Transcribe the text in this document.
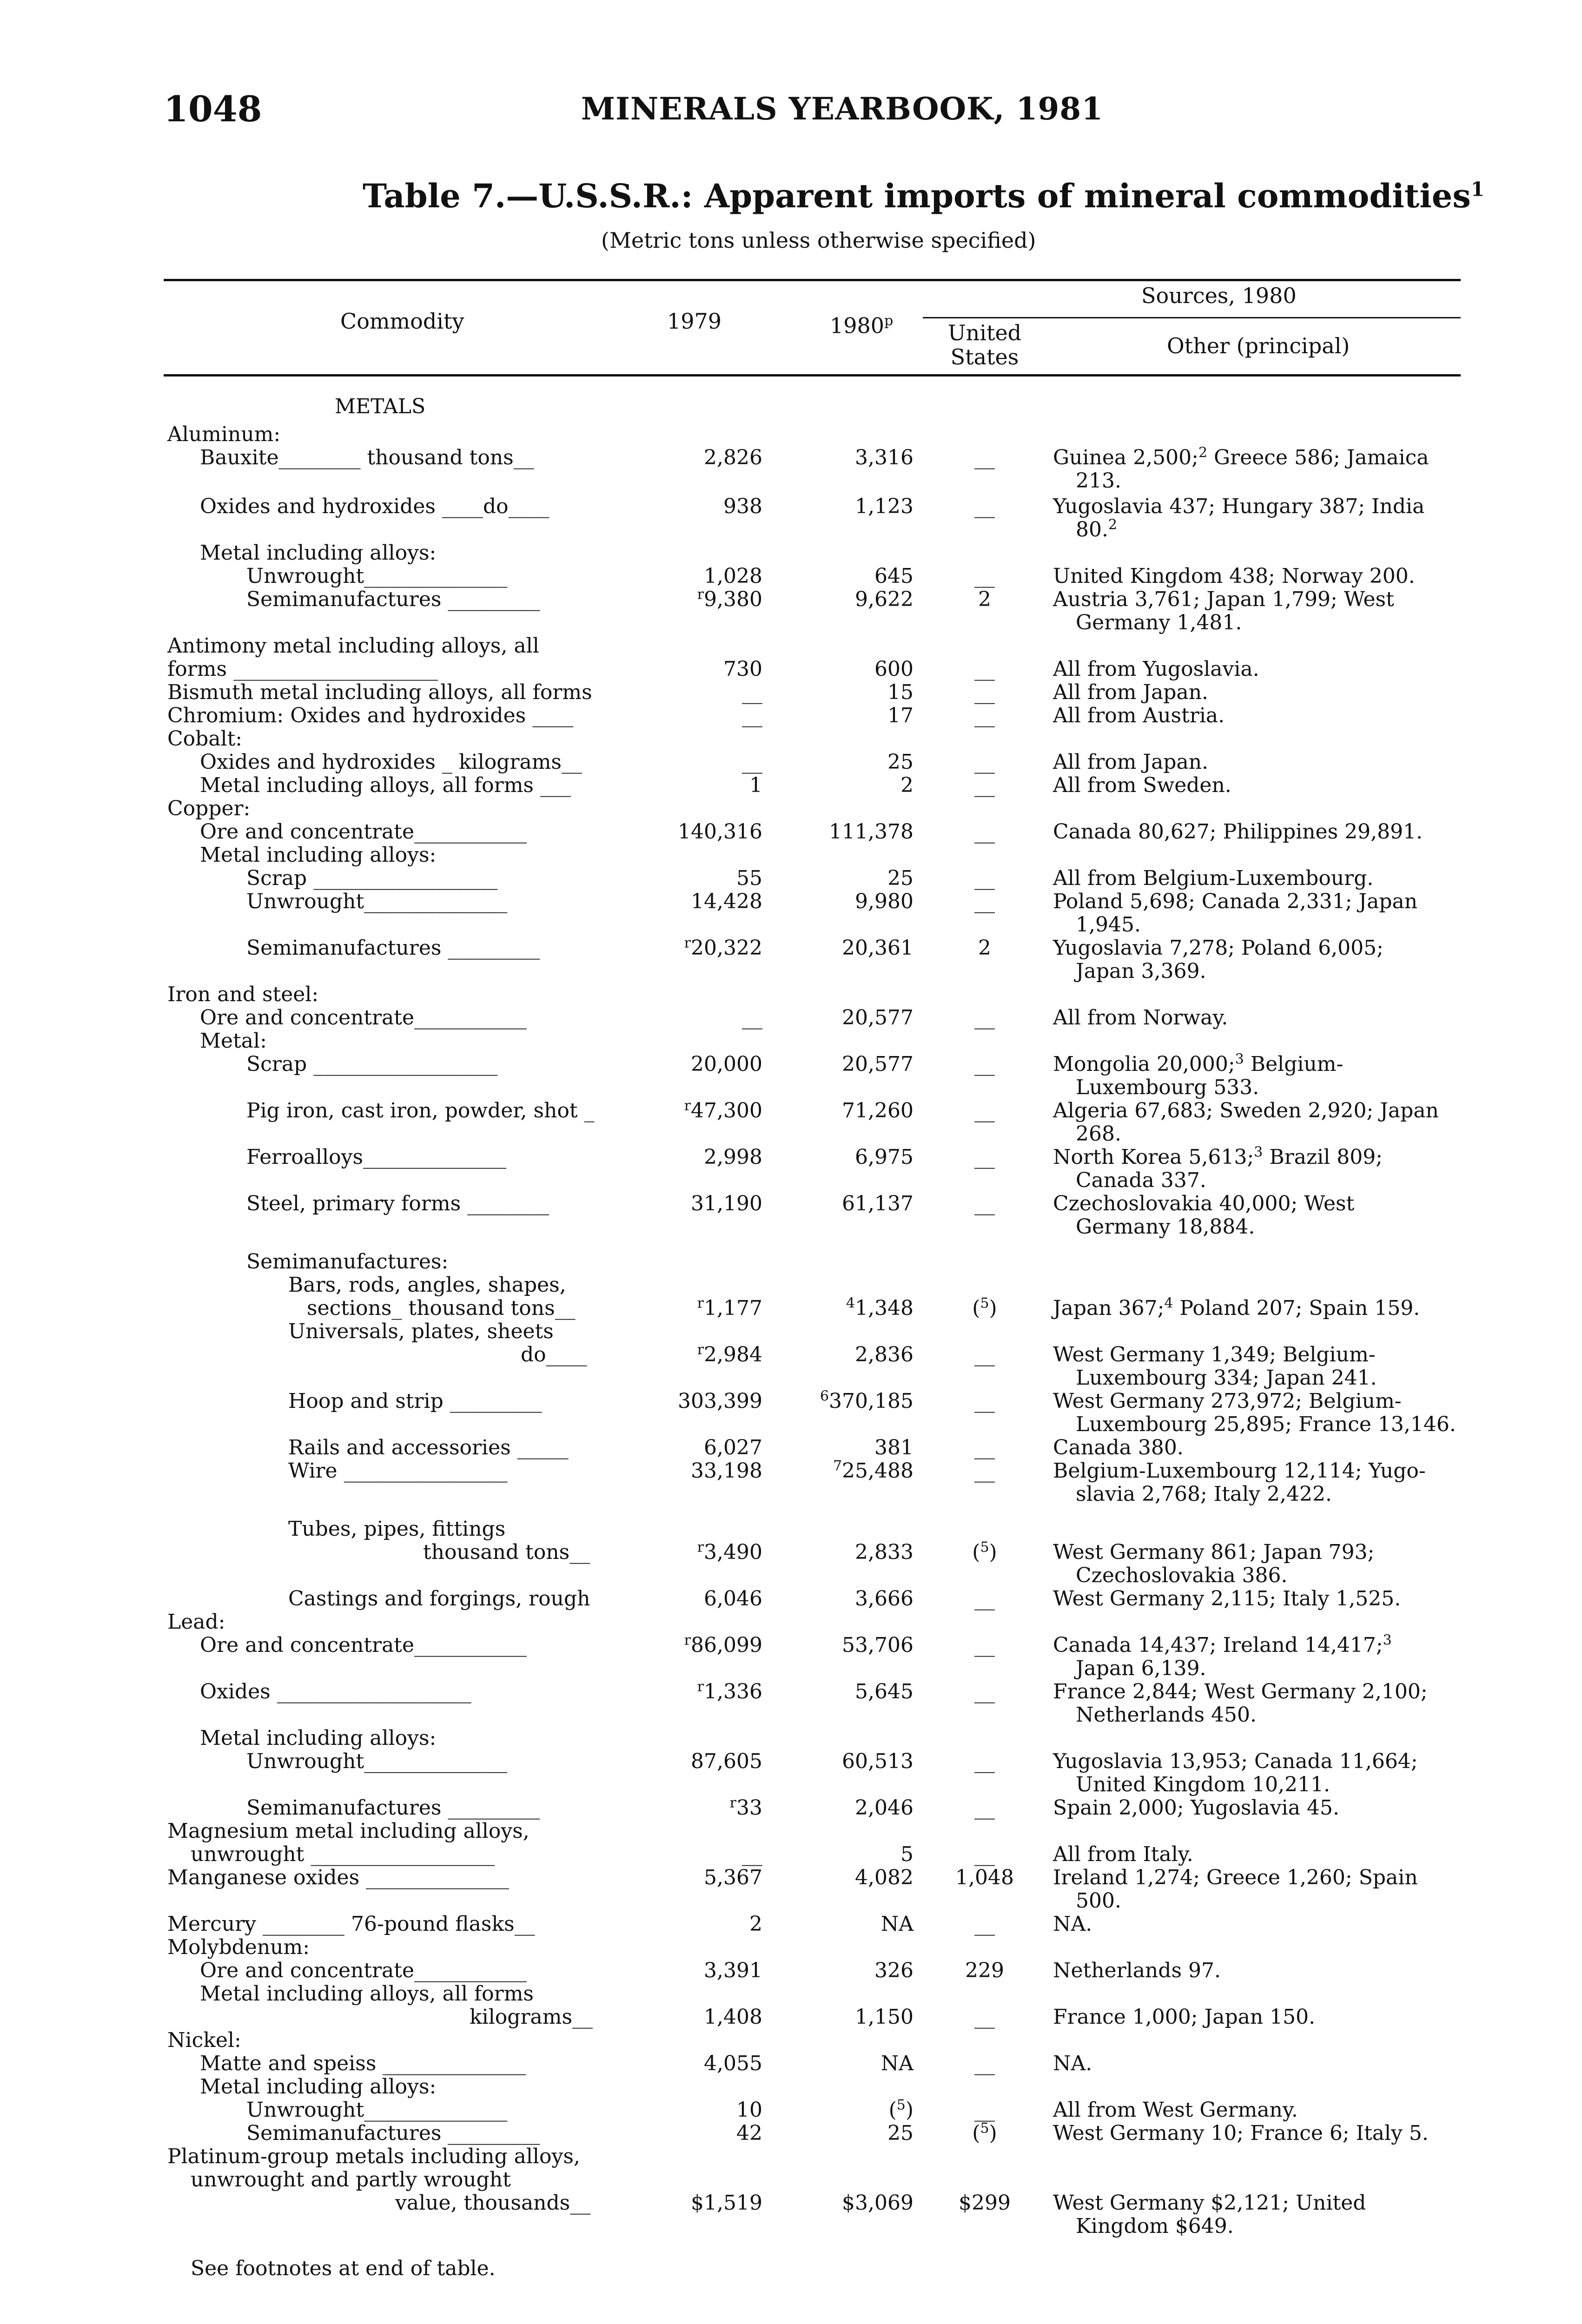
1048	MINERALS YEARBOOK, 1981
Table 7.—U.S.S.R.: Apparent imports of mineral commodities$^1$
(Metric tons unless otherwise specified)
Commodity	1979	1980$^p$
Sources, 1980
United States	Other (principal)
METALS
Aluminum:
Bauxite________ thousand tons__	2,826	3,316	__	Guinea 2,500;$^2$ Greece 586; Jamaica
213.
Oxides and hydroxides ____do____	938	1,123	__	Yugoslavia 437; Hungary 387; India
80.$^2$
Metal including alloys:
Unwrought______________	1,028	645	__	United Kingdom 438; Norway 200.
Semimanufactures _________	$^r$9,380	9,622	2	Austria 3,761; Japan 1,799; West
Germany 1,481.
Antimony metal including alloys, all
forms ____________________	730	600	__	All from Yugoslavia.
Bismuth metal including alloys, all forms	__	15	__	All from Japan.
Chromium: Oxides and hydroxides ____	__	17	__	All from Austria.
Cobalt:
Oxides and hydroxides _ kilograms__	__	25	__	All from Japan.
Metal including alloys, all forms ___	1	2	__	All from Sweden.
Copper:
Ore and concentrate___________	140,316	111,378	__	Canada 80,627; Philippines 29,891.
Metal including alloys:
Scrap __________________	55	25	__	All from Belgium-Luxembourg.
Unwrought______________	14,428	9,980	__	Poland 5,698; Canada 2,331; Japan
1,945.
Semimanufactures _________	$^r$20,322	20,361	2	Yugoslavia 7,278; Poland 6,005;
Japan 3,369.
Iron and steel:
Ore and concentrate___________	__	20,577	__	All from Norway.
Metal:
Scrap __________________	20,000	20,577	__	Mongolia 20,000;$^3$ Belgium-
Luxembourg 533.
Pig iron, cast iron, powder, shot _	$^r$47,300	71,260	__	Algeria 67,683; Sweden 2,920; Japan
268.
Ferroalloys______________	2,998	6,975	__	North Korea 5,613;$^3$ Brazil 809;
Canada 337.
Steel, primary forms ________	31,190	61,137	__	Czechoslovakia 40,000; West
Germany 18,884.
Semimanufactures:
Bars, rods, angles, shapes,
sections_ thousand tons__	$^r$1,177	$^4$1,348	($^5$)	Japan 367;$^4$ Poland 207; Spain 159.
Universals, plates, sheets
do____	$^r$2,984	2,836	__	West Germany 1,349; Belgium-
Luxembourg 334; Japan 241.
Hoop and strip _________	303,399	$^6$370,185	__	West Germany 273,972; Belgium-
Luxembourg 25,895; France 13,146.
Rails and accessories _____	6,027	381	__	Canada 380.
Wire ________________	33,198	$^7$25,488	__	Belgium-Luxembourg 12,114; Yugo-
slavia 2,768; Italy 2,422.
Tubes, pipes, fittings
thousand tons__	$^r$3,490	2,833	($^5$)	West Germany 861; Japan 793;
Czechoslovakia 386.
Castings and forgings, rough	6,046	3,666	__	West Germany 2,115; Italy 1,525.
Lead:
Ore and concentrate___________	$^r$86,099	53,706	__	Canada 14,437; Ireland 14,417;$^3$
Japan 6,139.
Oxides ___________________	$^r$1,336	5,645	__	France 2,844; West Germany 2,100;
Netherlands 450.
Metal including alloys:
Unwrought______________	87,605	60,513	__	Yugoslavia 13,953; Canada 11,664;
United Kingdom 10,211.
Semimanufactures _________	$^r$33	2,046	__	Spain 2,000; Yugoslavia 45.
Magnesium metal including alloys,
unwrought __________________	__	5	__	All from Italy.
Manganese oxides ______________	5,367	4,082	1,048	Ireland 1,274; Greece 1,260; Spain
500.
Mercury ________ 76-pound flasks__	2	NA	__	NA.
Molybdenum:
Ore and concentrate___________	3,391	326	229	Netherlands 97.
Metal including alloys, all forms
kilograms__	1,408	1,150	__	France 1,000; Japan 150.
Nickel:
Matte and speiss ______________	4,055	NA	__	NA.
Metal including alloys:
Unwrought______________	10	($^5$)	__	All from West Germany.
Semimanufactures _________	42	25	($^5$)	West Germany 10; France 6; Italy 5.
Platinum-group metals including alloys,
unwrought and partly wrought
value, thousands__	$1,519	$3,069	$299	West Germany $2,121; United
Kingdom $649.
See footnotes at end of table.
